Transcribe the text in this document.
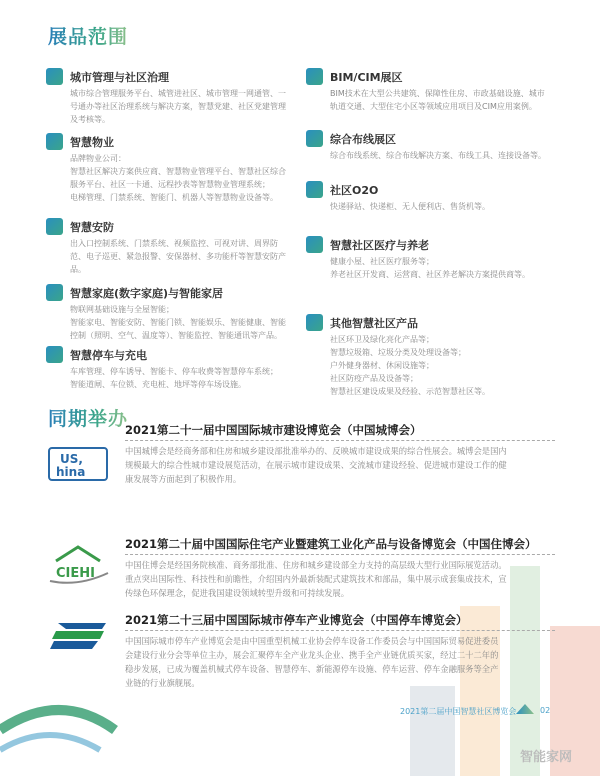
展品范围
城市管理与社区治理
城市综合管理服务平台、城管进社区、城市管理一网通管、一
号通办等社区治理系统与解决方案，智慧党建、社区党建管理
及考核等。
智慧物业
品牌物业公司：
智慧社区解决方案供应商、智慧物业管理平台、智慧社区综合
服务平台、社区一卡通、远程抄表等智慧物业管理系统；
电梯管理、门禁系统、智能门、机器人等智慧物业设备等。
智慧安防
出入口控制系统、门禁系统、视频监控、可视对讲、周界防
范、电子巡更、紧急报警、安保器材、多功能杆等智慧安防产
品。
智慧家庭(数字家庭)与智能家居
物联网基础设施与全屋智能；
智能家电、智能安防、智能门锁、智能娱乐、智能健康、智能
控制（照明、空气、温度等）、智能监控、智能通讯等产品。
智慧停车与充电
车库管理、停车诱导、智能卡、停车收费等智慧停车系统；
智能道闸、车位锁、充电桩、地坪等停车场设施。
BIM/CIM展区
BIM技术在大型公共建筑、保障性住房、市政基础设施、城市
轨道交通、大型住宅小区等领域应用项目及CIM应用案例。
综合布线展区
综合布线系统、综合布线解决方案、布线工具、连接设备等。
社区O2O
快递驿站、快递柜、无人便利店、售货机等。
智慧社区医疗与养老
健康小屋、社区医疗服务等；
养老社区开发商、运营商、社区养老解决方案提供商等。
其他智慧社区产品
社区环卫及绿化亮化产品等；
智慧垃圾箱、垃圾分类及处理设备等；
户外健身器材、休闲设施等；
社区防疫产品及设备等；
智慧社区建设成果及经验、示范智慧社区等。
同期举办
US,
hina
CIEHI
2021第二十一届中国国际城市建设博览会（中国城博会）
中国城博会是经商务部和住房和城乡建设部批准举办的、反映城市建设成果的综合性展会。城博会是国内
规模最大的综合性城市建设展览活动，在展示城市建设成果、交流城市建设经验、促进城市建设工作的健
康发展等方面起到了积极作用。
2021第二十届中国国际住宅产业暨建筑工业化产品与设备博览会（中国住博会）
中国住博会是经国务院核准、商务部批准、住房和城乡建设部全力支持的高层级大型行业国际展览活动。
重点突出国际性、科技性和前瞻性，介绍国内外最新装配式建筑技术和部品，集中展示成套集成技术，宣
传绿色环保理念，促进我国建设领域转型升级和可持续发展。
2021第二十三届中国国际城市停车产业博览会（中国停车博览会）
中国国际城市停车产业博览会是由中国重型机械工业协会停车设备工作委员会与中国国际贸易促进委员
会建设行业分会等单位主办，展会汇聚停车全产业龙头企业、携手全产业链优质买家，经过二十二年的
稳步发展，已成为覆盖机械式停车设备、智慧停车、新能源停车设施、停车运营、停车金融服务等全产
业链的行业旗舰展。
2021第二届中国智慧社区博览会	02
智能家网
